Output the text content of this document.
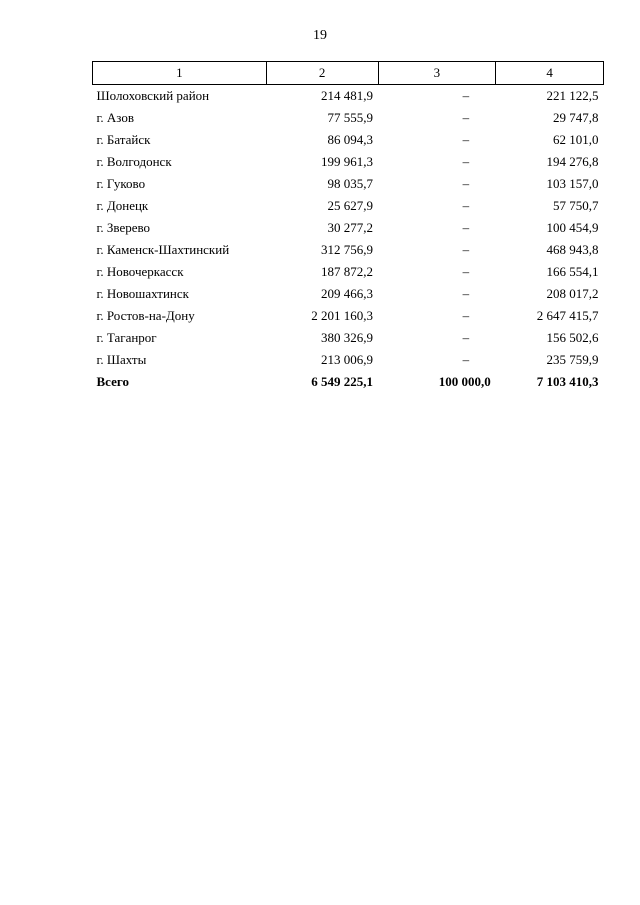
19
1	2	3	4
Шолоховский район	214 481,9	–	221 122,5
г. Азов	77 555,9	–	29 747,8
г. Батайск	86 094,3	–	62 101,0
г. Волгодонск	199 961,3	–	194 276,8
г. Гуково	98 035,7	–	103 157,0
г. Донецк	25 627,9	–	57 750,7
г. Зверево	30 277,2	–	100 454,9
г. Каменск-Шахтинский	312 756,9	–	468 943,8
г. Новочеркасск	187 872,2	–	166 554,1
г. Новошахтинск	209 466,3	–	208 017,2
г. Ростов-на-Дону	2 201 160,3	–	2 647 415,7
г. Таганрог	380 326,9	–	156 502,6
г. Шахты	213 006,9	–	235 759,9
Всего	6 549 225,1	100 000,0	7 103 410,3
